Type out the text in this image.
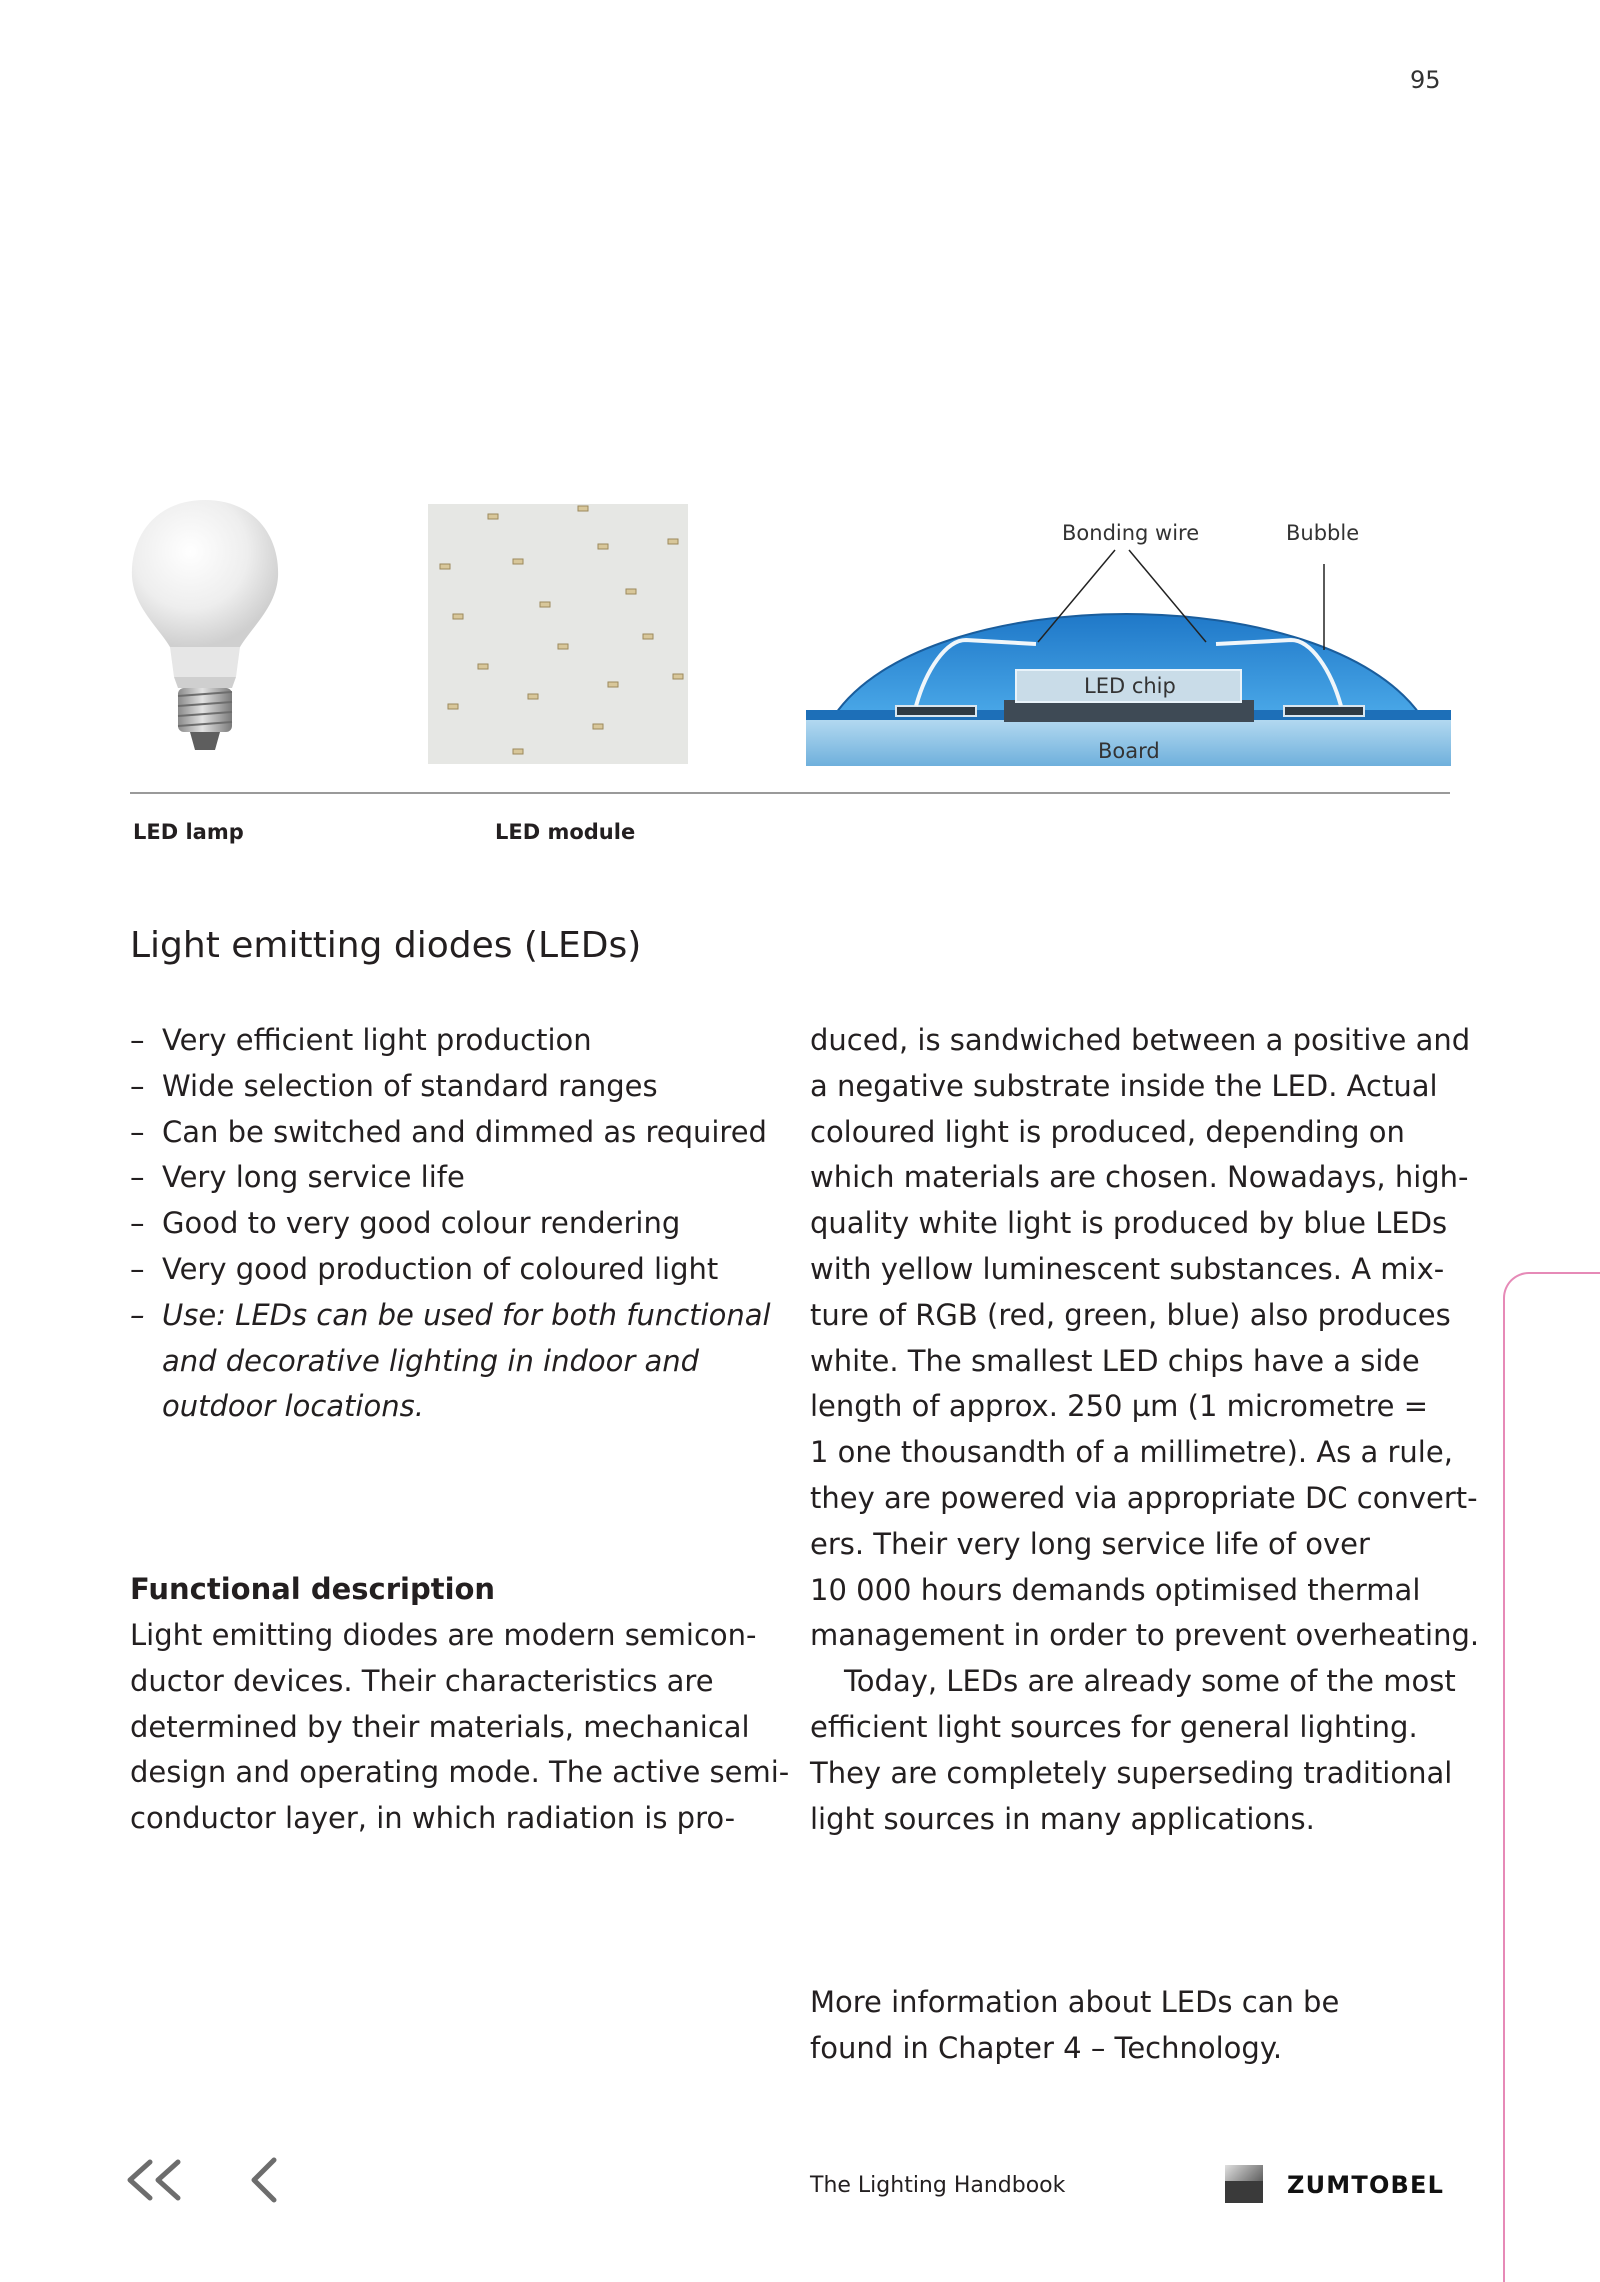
95
Bonding wire	Bubble
LED chip
Board
LED lamp	LED module
Light emitting diodes (LEDs)
– Very efficient light production
– Wide selection of standard ranges
– Can be switched and dimmed as required
– Very long service life
– Good to very good colour rendering
– Very good production of coloured light
– Use: LEDs can be used for both functional
and decorative lighting in indoor and
outdoor locations.
Functional description
Light emitting diodes are modern semicon-
ductor devices. Their characteristics are
determined by their materials, mechanical
design and operating mode. The active semi-
conductor layer, in which radiation is pro-
duced, is sandwiched between a positive and
a negative substrate inside the LED. Actual
coloured light is produced, depending on
which materials are chosen. Nowadays, high-
quality white light is produced by blue LEDs
with yellow luminescent substances. A mix-
ture of RGB (red, green, blue) also produces
white. The smallest LED chips have a side
length of approx. 250 µm (1 micrometre =
1 one thousandth of a millimetre). As a rule,
they are powered via appropriate DC convert-
ers. Their very long service life of over
10 000 hours demands optimised thermal
management in order to prevent overheating.
Today, LEDs are already some of the most
efficient light sources for general lighting.
They are completely superseding traditional
light sources in many applications.
More information about LEDs can be
found in Chapter 4 – Technology.
The Lighting Handbook	ZUMTOBEL
